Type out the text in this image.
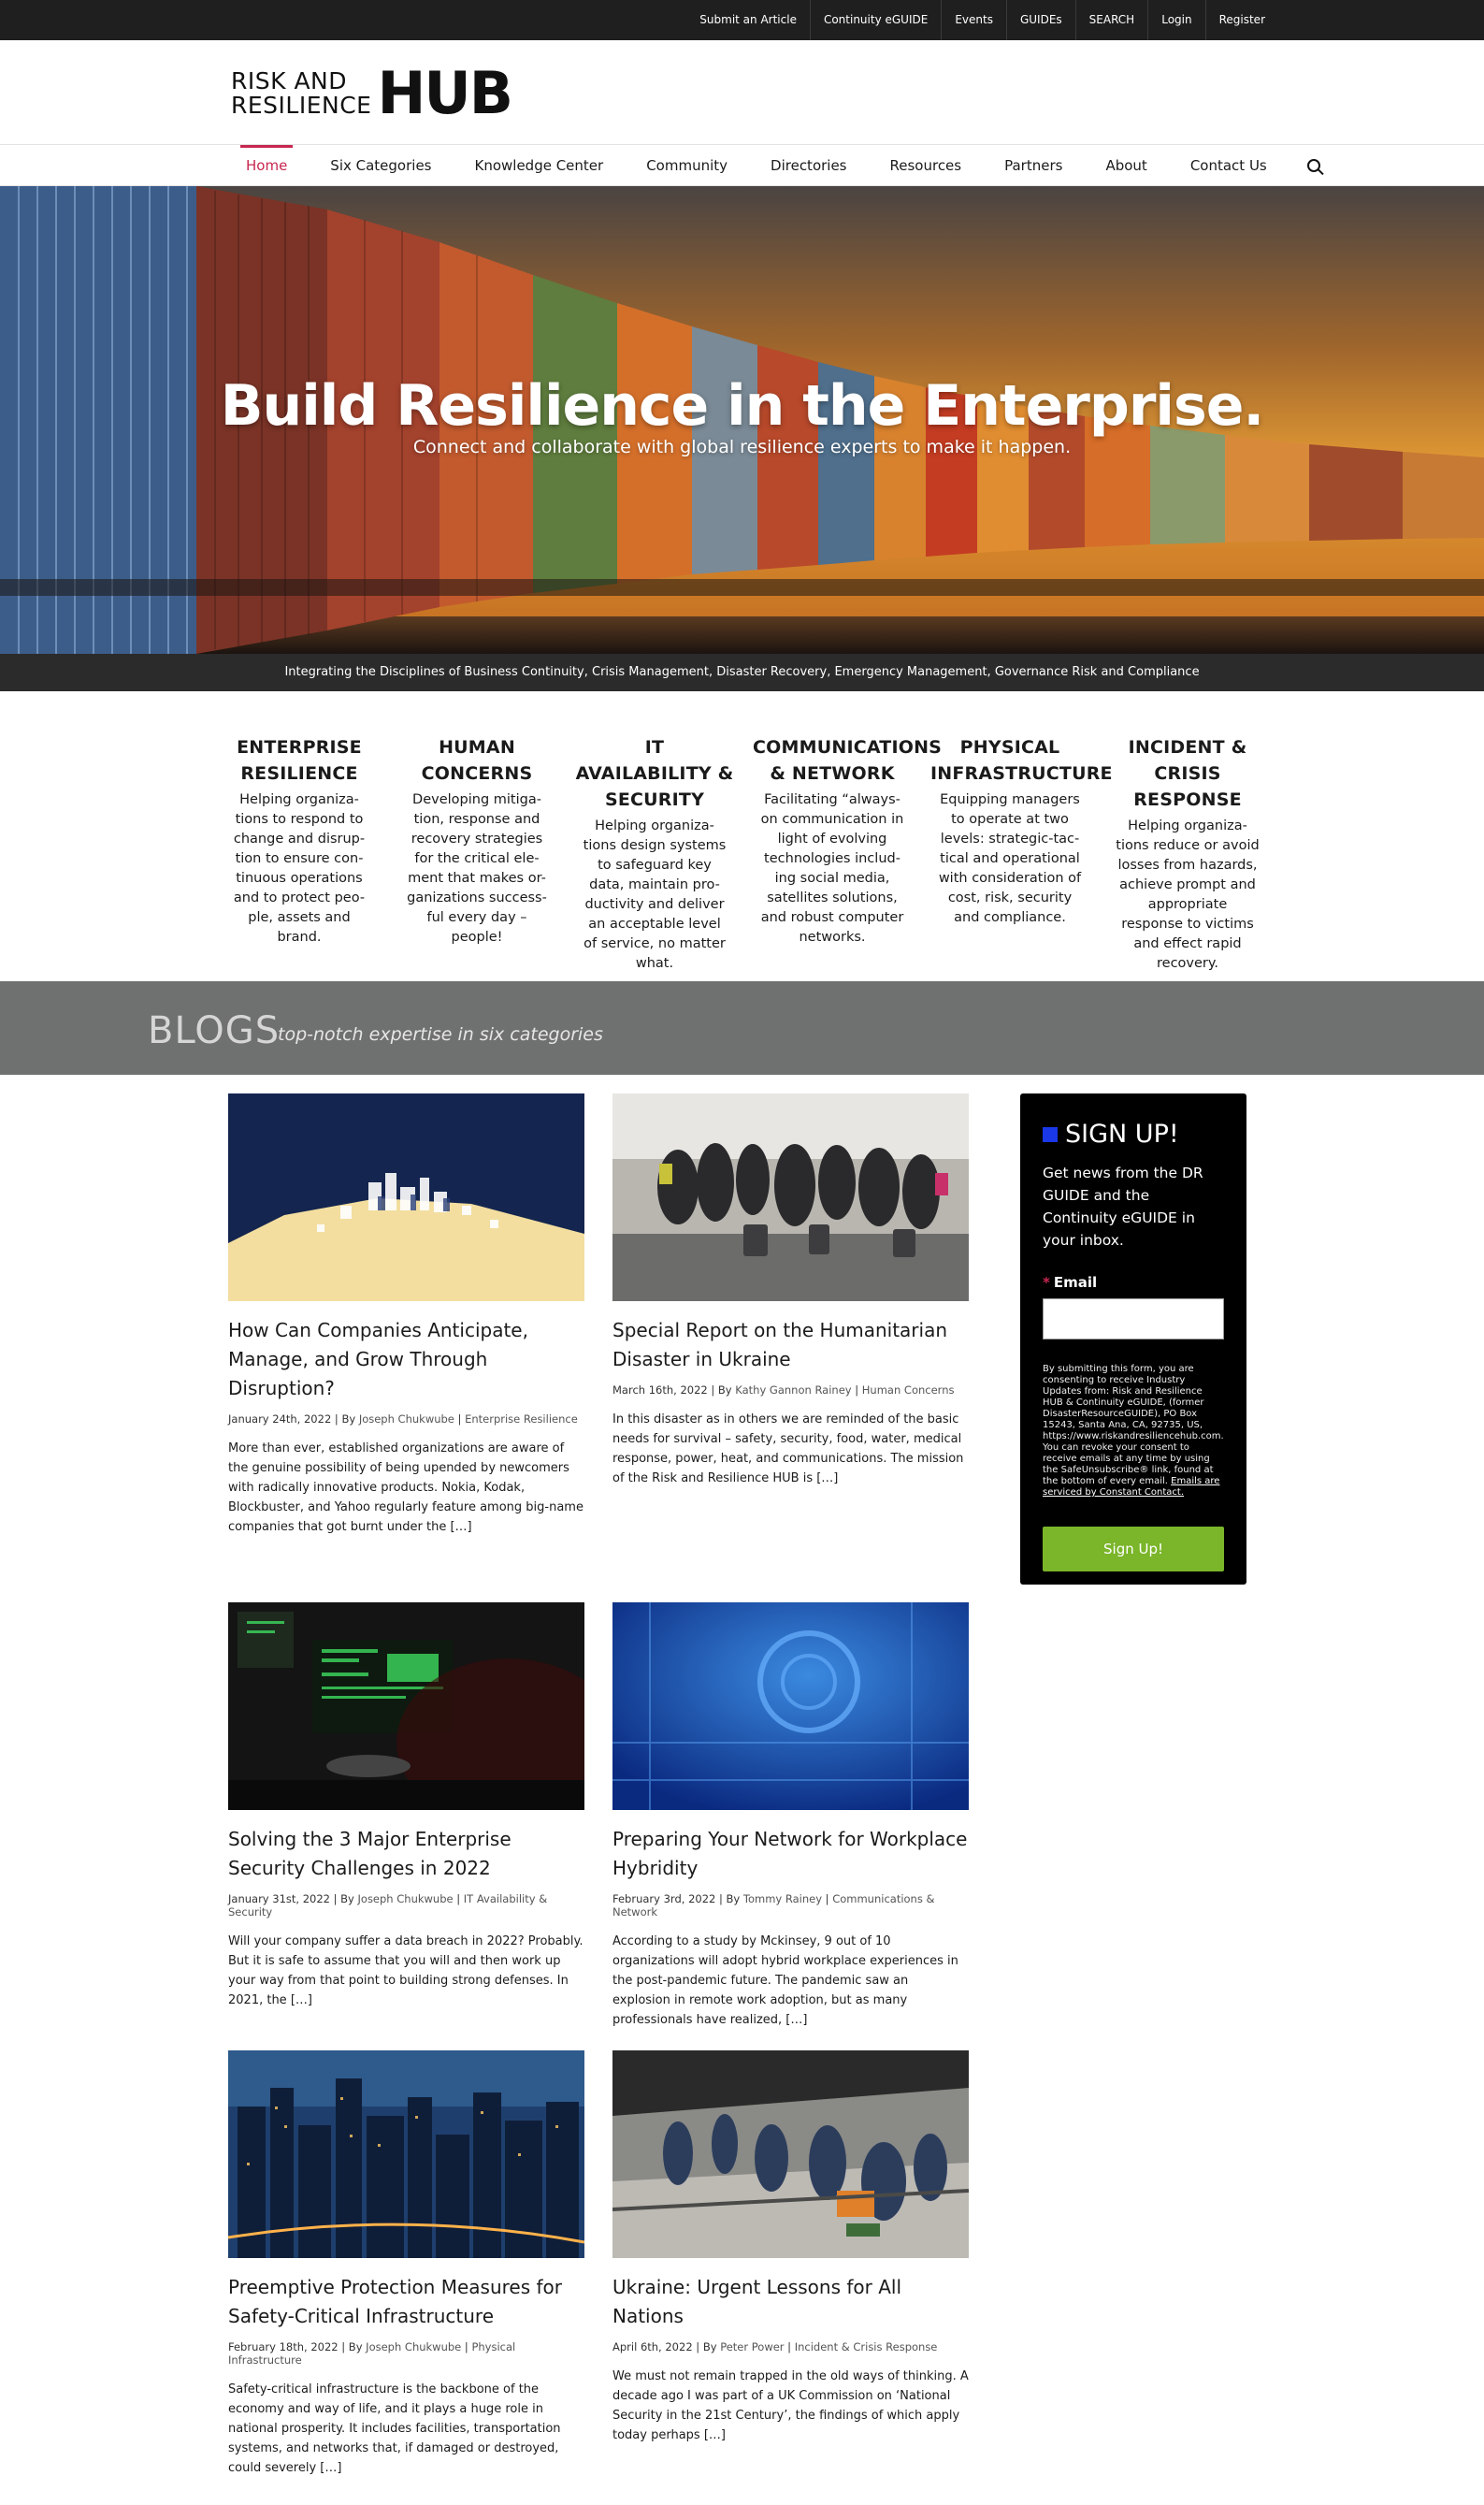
Submit an Article	Continuity eGUIDE	Events	GUIDEs	SEARCH	Login	Register
RISK AND
RESILIENCE HUB
Home	Six Categories	Knowledge Center	Community	Directories	Resources	Partners	About	Contact Us
Build Resilience in the Enterprise.
Connect and collaborate with global resilience experts to make it happen.
Integrating the Disciplines of Business Continuity, Crisis Management, Disaster Recovery, Emergency Management, Governance Risk and Compliance
ENTERPRISE RESILIENCE
Helping organiza-tions to respond to change and disrup-tion to ensure con-tinuous operations and to protect peo-ple, assets and brand.
HUMAN CONCERNS
Developing mitiga-tion, response and recovery strategies for the critical ele-ment that makes or-ganizations success-ful every day – people!
IT AVAILABILITY & SECURITY
Helping organiza-tions design systems to safeguard key data, maintain pro-ductivity and deliver an acceptable level of service, no matter what.
COMMUNICATIONS & NETWORK
Facilitating “always-on communication in light of evolving technologies includ-ing social media, satellites solutions, and robust computer networks.
PHYSICAL INFRASTRUCTURE
Equipping managers to operate at two levels: strategic-tac-tical and operational with consideration of cost, risk, security and compliance.
INCIDENT & CRISIS RESPONSE
Helping organiza-tions reduce or avoid losses from hazards, achieve prompt and appropriate response to victims and effect rapid recovery.
BLOGS
top-notch expertise in six categories
How Can Companies Anticipate, Manage, and Grow Through Disruption?
January 24th, 2022 | By Joseph Chukwube | Enterprise Resilience
More than ever, established organizations are aware of the genuine possibility of being upended by newcomers with radically innovative products. Nokia, Kodak, Blockbuster, and Yahoo regularly feature among big-name companies that got burnt under the […]
Special Report on the Humanitarian Disaster in Ukraine
March 16th, 2022 | By Kathy Gannon Rainey | Human Concerns
In this disaster as in others we are reminded of the basic needs for survival – safety, security, food, water, medical response, power, heat, and communications. The mission of the Risk and Resilience HUB is […]
Solving the 3 Major Enterprise Security Challenges in 2022
January 31st, 2022 | By Joseph Chukwube | IT Availability & Security
Will your company suffer a data breach in 2022? Probably. But it is safe to assume that you will and then work up your way from that point to building strong defenses. In 2021, the […]
Preparing Your Network for Workplace Hybridity
February 3rd, 2022 | By Tommy Rainey | Communications & Network
According to a study by Mckinsey, 9 out of 10 organizations will adopt hybrid workplace experiences in the post-pandemic future. The pandemic saw an explosion in remote work adoption, but as many professionals have realized, […]
Preemptive Protection Measures for Safety-Critical Infrastructure
February 18th, 2022 | By Joseph Chukwube | Physical Infrastructure
Safety-critical infrastructure is the backbone of the economy and way of life, and it plays a huge role in national prosperity. It includes facilities, transportation systems, and networks that, if damaged or destroyed, could severely […]
Ukraine: Urgent Lessons for All Nations
April 6th, 2022 | By Peter Power | Incident & Crisis Response
We must not remain trapped in the old ways of thinking. A decade ago I was part of a UK Commission on ‘National Security in the 21st Century’, the findings of which apply today perhaps […]
SIGN UP!
Get news from the DR GUIDE and the Continuity eGUIDE in your inbox.
* Email
By submitting this form, you are consenting to receive Industry Updates from: Risk and Resilience HUB & Continuity eGUIDE, (former DisasterResourceGUIDE), PO Box 15243, Santa Ana, CA, 92735, US, https://www.riskandresiliencehub.com. You can revoke your consent to receive emails at any time by using the SafeUnsubscribe® link, found at the bottom of every email. Emails are serviced by Constant Contact.
Sign Up!
